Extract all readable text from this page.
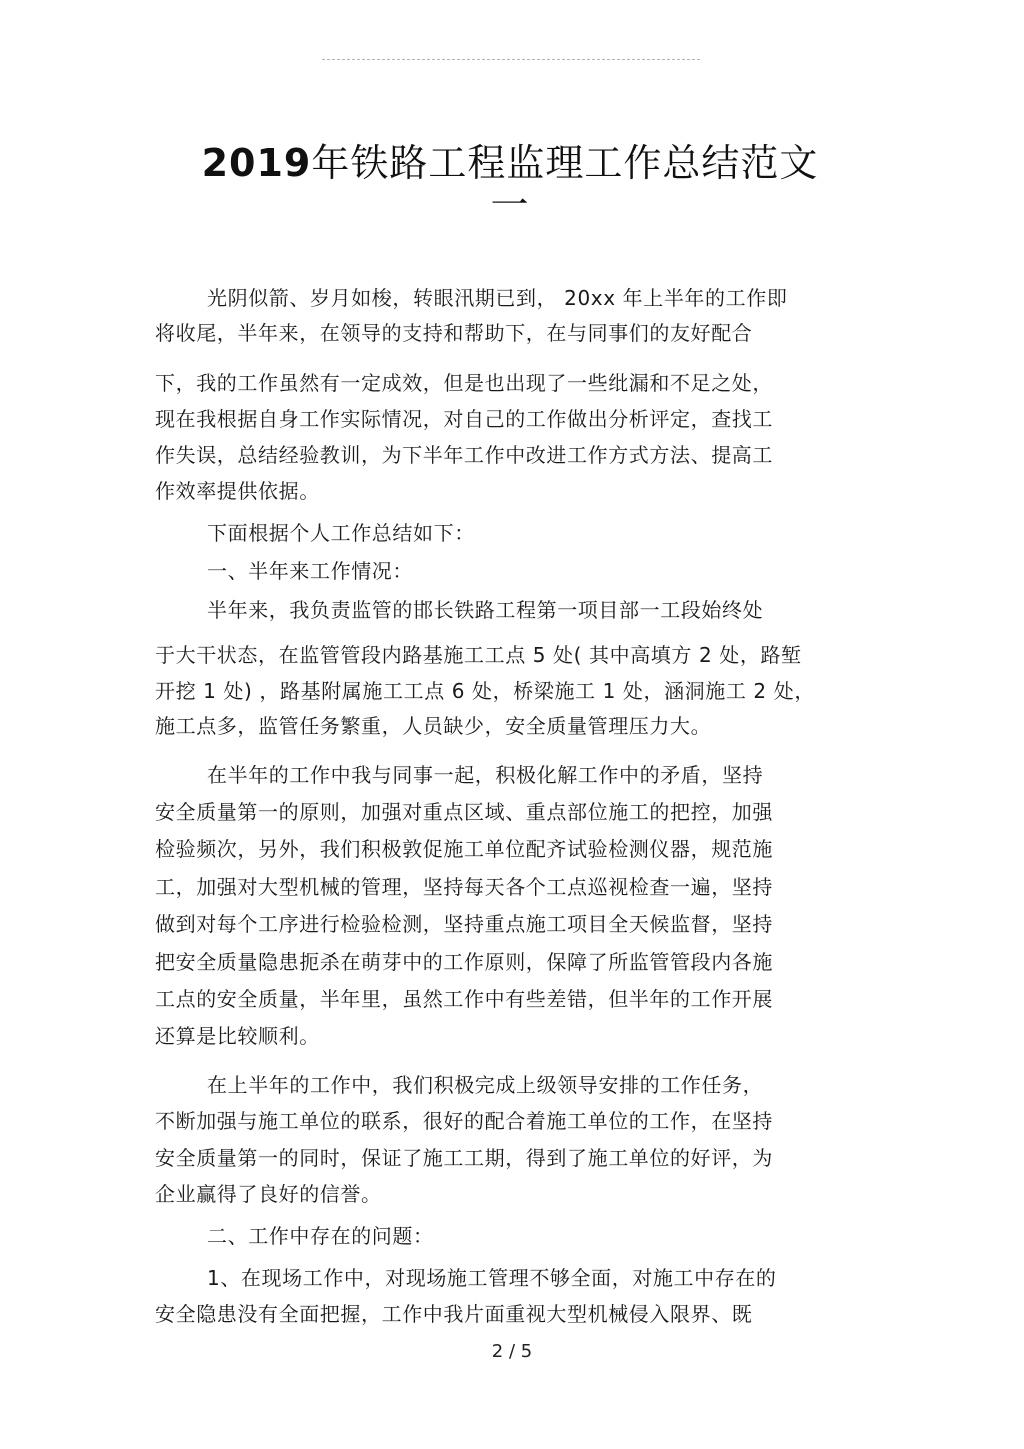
2019年铁路工程监理工作总结范文
一
光阴似箭、岁月如梭，转眼汛期已到， 20xx 年上半年的工作即
将收尾，半年来，在领导的支持和帮助下，在与同事们的友好配合
下，我的工作虽然有一定成效，但是也出现了一些纰漏和不足之处，
现在我根据自身工作实际情况，对自己的工作做出分析评定，查找工
作失误，总结经验教训，为下半年工作中改进工作方式方法、提高工
作效率提供依据。
下面根据个人工作总结如下：
一、半年来工作情况：
半年来，我负责监管的邯长铁路工程第一项目部一工段始终处
于大干状态，在监管管段内路基施工工点 5 处( 其中高填方 2 处，路堑
开挖 1 处) ，路基附属施工工点 6 处，桥梁施工 1 处，涵洞施工 2 处，
施工点多，监管任务繁重，人员缺少，安全质量管理压力大。
在半年的工作中我与同事一起，积极化解工作中的矛盾，坚持
安全质量第一的原则，加强对重点区域、重点部位施工的把控，加强
检验频次，另外，我们积极敦促施工单位配齐试验检测仪器，规范施
工，加强对大型机械的管理，坚持每天各个工点巡视检查一遍，坚持
做到对每个工序进行检验检测，坚持重点施工项目全天候监督，坚持
把安全质量隐患扼杀在萌芽中的工作原则，保障了所监管管段内各施
工点的安全质量，半年里，虽然工作中有些差错，但半年的工作开展
还算是比较顺利。
在上半年的工作中，我们积极完成上级领导安排的工作任务，
不断加强与施工单位的联系，很好的配合着施工单位的工作，在坚持
安全质量第一的同时，保证了施工工期，得到了施工单位的好评，为
企业赢得了良好的信誉。
二、工作中存在的问题：
1、在现场工作中，对现场施工管理不够全面，对施工中存在的
安全隐患没有全面把握，工作中我片面重视大型机械侵入限界、既
2 / 5
